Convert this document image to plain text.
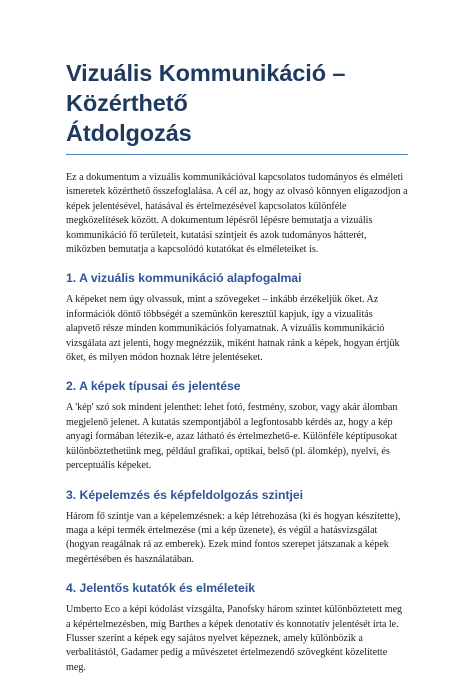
Vizuális Kommunikáció – Közérthető
Átdolgozás

Ez a dokumentum a vizuális kommunikációval kapcsolatos tudományos és elméleti ismeretek közérthető összefoglalása. A cél az, hogy az olvasó könnyen eligazodjon a képek jelentésével, hatásával és értelmezésével kapcsolatos különféle megközelítések között. A dokumentum lépésről lépésre bemutatja a vizuális kommunikáció fő területeit, kutatási szintjeit és azok tudományos hátterét, miközben bemutatja a kapcsolódó kutatókat és elméleteiket is.

1. A vizuális kommunikáció alapfogalmai

A képeket nem úgy olvassuk, mint a szövegeket – inkább érzékeljük őket. Az információk döntő többségét a szemünkön keresztül kapjuk, így a vizualitás alapvető része minden kommunikációs folyamatnak. A vizuális kommunikáció vizsgálata azt jelenti, hogy megnézzük, miként hatnak ránk a képek, hogyan értjük őket, és milyen módon hoznak létre jelentéseket.

2. A képek típusai és jelentése

A 'kép' szó sok mindent jelenthet: lehet fotó, festmény, szobor, vagy akár álomban megjelenő jelenet. A kutatás szempontjából a legfontosabb kérdés az, hogy a kép anyagi formában létezik-e, azaz látható és értelmezhető-e. Különféle képtípusokat különböztethetünk meg, például grafikai, optikai, belső (pl. álomkép), nyelvi, és perceptuális képeket.

3. Képelemzés és képfeldolgozás szintjei

Három fő szintje van a képelemzésnek: a kép létrehozása (ki és hogyan készítette), maga a képi termék értelmezése (mi a kép üzenete), és végül a hatásvizsgálat (hogyan reagálnak rá az emberek). Ezek mind fontos szerepet játszanak a képek megértésében és használatában.

4. Jelentős kutatók és elméleteik

Umberto Eco a képi kódolást vizsgálta, Panofsky három szintet különböztetett meg a képértelmezésben, míg Barthes a képek denotatív és konnotatív jelentését írta le. Flusser szerint a képek egy sajátos nyelvet képeznek, amely különbözik a verbalitástól, Gadamer pedig a művészetet értelmezendő szövegként közelítette meg.
